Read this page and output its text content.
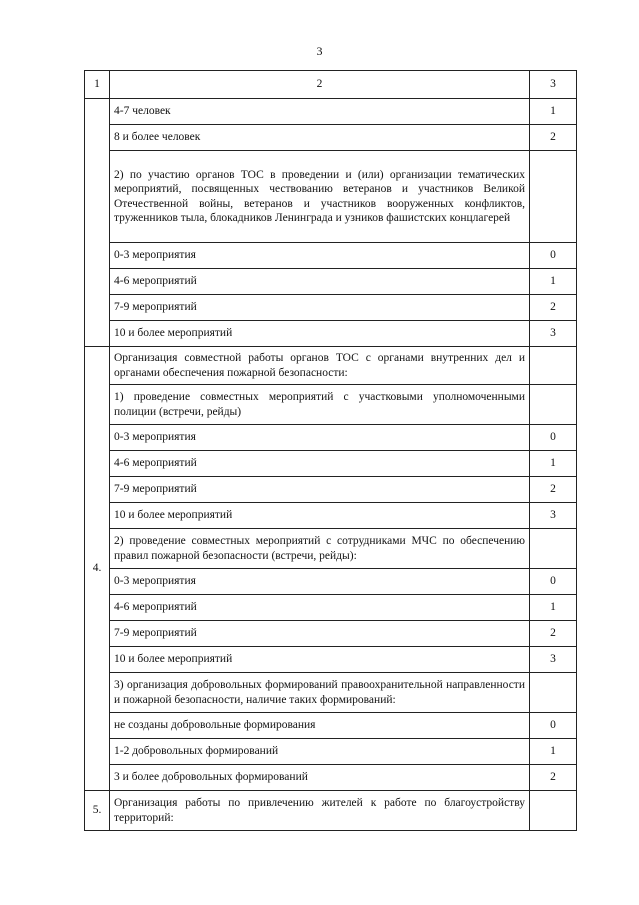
3
1	2	3
	4-7 человек	1
	8 и более человек	2
	2) по участию органов ТОС в проведении и (или) организации тематических мероприятий, посвященных чествованию ветеранов и участников Великой Отечественной войны, ветеранов и участников вооруженных конфликтов, труженников тыла, блокадников Ленинграда и узников фашистских концлагерей	
	0-3 мероприятия	0
	4-6 мероприятий	1
	7-9 мероприятий	2
	10 и более мероприятий	3
4.	Организация совместной работы органов ТОС с органами внутренних дел и органами обеспечения пожарной безопасности:	
	1) проведение совместных мероприятий с участковыми уполномоченными полиции (встречи, рейды)	
	0-3 мероприятия	0
	4-6 мероприятий	1
	7-9 мероприятий	2
	10 и более мероприятий	3
	2) проведение совместных мероприятий с сотрудниками МЧС по обеспечению правил пожарной безопасности (встречи, рейды):	
	0-3 мероприятия	0
	4-6 мероприятий	1
	7-9 мероприятий	2
	10 и более мероприятий	3
	3) организация добровольных формирований правоохранительной направленности и пожарной безопасности, наличие таких формирований:	
	не созданы добровольные формирования	0
	1-2 добровольных формирований	1
	3 и более добровольных формирований	2
5.	Организация работы по привлечению жителей к работе по благоустройству территорий:	
